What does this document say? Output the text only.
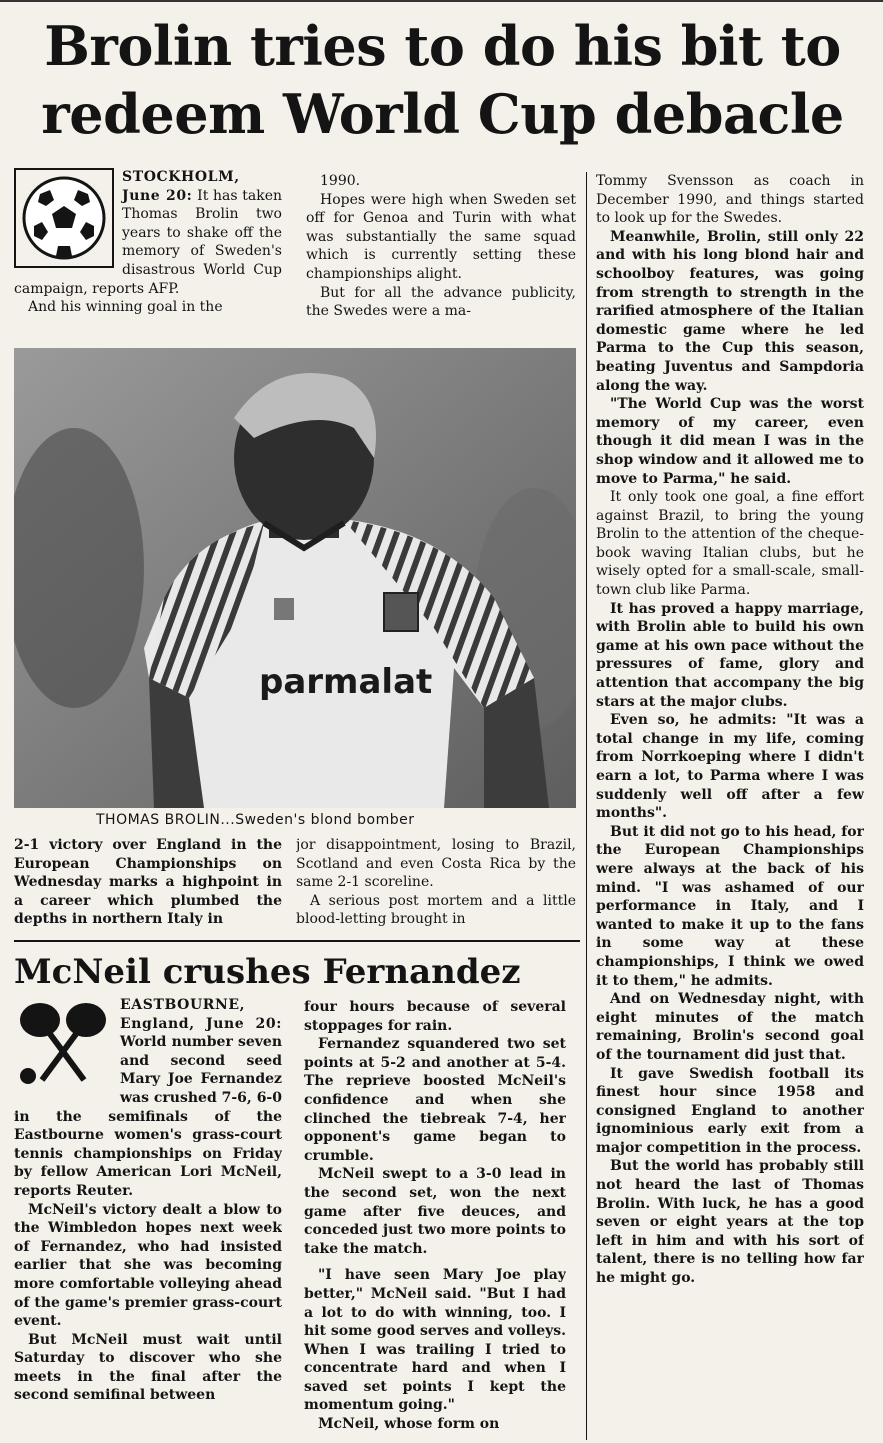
Brolin tries to do his bit to redeem World Cup debacle

STOCKHOLM, June 20: It has taken Thomas Brolin two years to shake off the memory of Sweden's disastrous World Cup campaign, reports AFP.

And his winning goal in the

1990.

Hopes were high when Sweden set off for Genoa and Turin with what was substantially the same squad which is currently setting these championships alight.

But for all the advance publicity, the Swedes were a ma-

parmalat
THOMAS BROLIN...Sweden's blond bomber

2-1 victory over England in the European Championships on Wednesday marks a highpoint in a career which plumbed the depths in northern Italy in

jor disappointment, losing to Brazil, Scotland and even Costa Rica by the same 2-1 scoreline.

A serious post mortem and a little blood-letting brought in

Tommy Svensson as coach in December 1990, and things started to look up for the Swedes.

Meanwhile, Brolin, still only 22 and with his long blond hair and schoolboy features, was going from strength to strength in the rarified atmosphere of the Italian domestic game where he led Parma to the Cup this season, beating Juventus and Sampdoria along the way.

"The World Cup was the worst memory of my career, even though it did mean I was in the shop window and it allowed me to move to Parma," he said.

It only took one goal, a fine effort against Brazil, to bring the young Brolin to the attention of the cheque-book waving Italian clubs, but he wisely opted for a small-scale, small-town club like Parma.

It has proved a happy marriage, with Brolin able to build his own game at his own pace without the pressures of fame, glory and attention that accompany the big stars at the major clubs.

Even so, he admits: "It was a total change in my life, coming from Norrkoeping where I didn't earn a lot, to Parma where I was suddenly well off after a few months".

But it did not go to his head, for the European Championships were always at the back of his mind. "I was ashamed of our performance in Italy, and I wanted to make it up to the fans in some way at these championships, I think we owed it to them," he admits.

And on Wednesday night, with eight minutes of the match remaining, Brolin's second goal of the tournament did just that.

It gave Swedish football its finest hour since 1958 and consigned England to another ignominious early exit from a major competition in the process.

But the world has probably still not heard the last of Thomas Brolin. With luck, he has a good seven or eight years at the top left in him and with his sort of talent, there is no telling how far he might go.

McNeil crushes Fernandez

EASTBOURNE, England, June 20: World number seven and second seed Mary Joe Fernandez was crushed 7-6, 6-0 in the semifinals of the Eastbourne women's grass-court tennis championships on Friday by fellow American Lori McNeil, reports Reuter.

McNeil's victory dealt a blow to the Wimbledon hopes next week of Fernandez, who had insisted earlier that she was becoming more comfortable volleying ahead of the game's premier grass-court event.

But McNeil must wait until Saturday to discover who she meets in the final after the second semifinal between

four hours because of several stoppages for rain.

Fernandez squandered two set points at 5-2 and another at 5-4. The reprieve boosted McNeil's confidence and when she clinched the tiebreak 7-4, her opponent's game began to crumble.

McNeil swept to a 3-0 lead in the second set, won the next game after five deuces, and conceded just two more points to take the match.

"I have seen Mary Joe play better," McNeil said. "But I had a lot to do with winning, too. I hit some good serves and volleys. When I was trailing I tried to concentrate hard and when I saved set points I kept the momentum going."

McNeil, whose form on
